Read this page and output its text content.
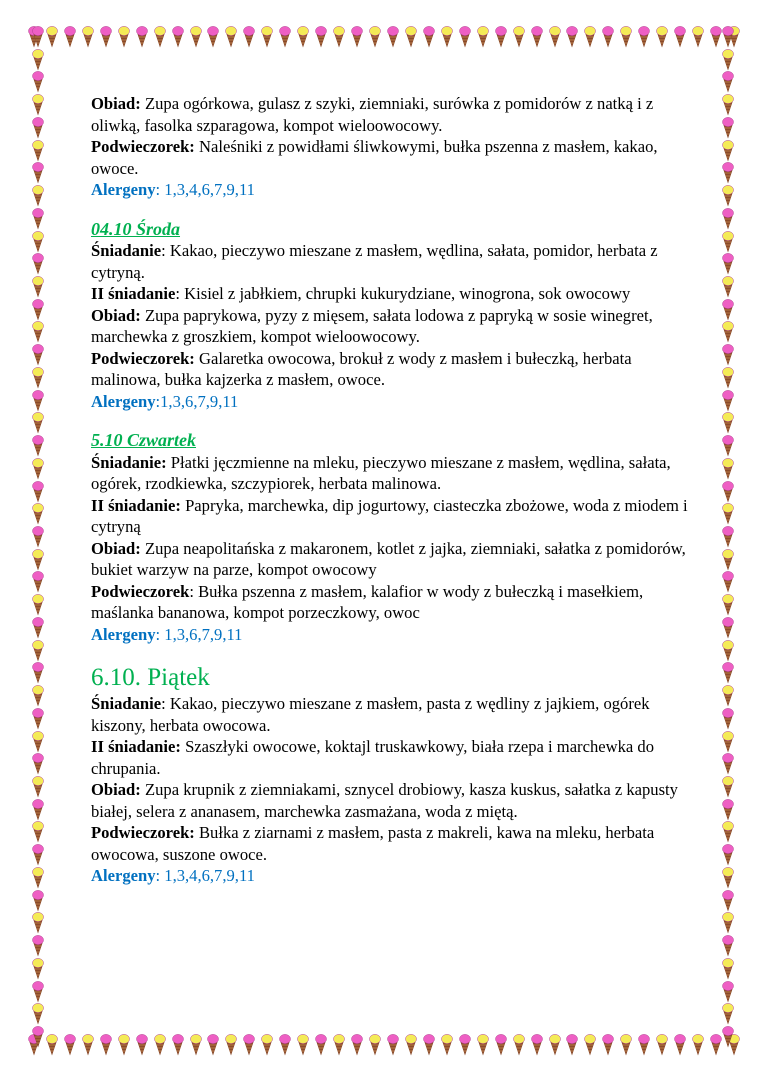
Obiad: Zupa ogórkowa, gulasz z szyki, ziemniaki, surówka z pomidorów z natką i z oliwką, fasolka szparagowa, kompot wieloowocowy.

Podwieczorek: Naleśniki z powidłami śliwkowymi, bułka pszenna z masłem, kakao, owoce.

Alergeny: 1,3,4,6,7,9,11

04.10 Środa

Śniadanie: Kakao, pieczywo mieszane z masłem, wędlina, sałata, pomidor, herbata z cytryną.

II śniadanie: Kisiel z jabłkiem, chrupki kukurydziane, winogrona, sok owocowy

Obiad: Zupa paprykowa, pyzy z mięsem, sałata lodowa z papryką w sosie winegret, marchewka z groszkiem, kompot wieloowocowy.

Podwieczorek: Galaretka owocowa, brokuł z wody z masłem i bułeczką, herbata malinowa, bułka kajzerka z masłem, owoce.

Alergeny:1,3,6,7,9,11

5.10 Czwartek

Śniadanie: Płatki jęczmienne na mleku, pieczywo mieszane z masłem, wędlina, sałata, ogórek, rzodkiewka, szczypiorek, herbata malinowa.

II śniadanie: Papryka, marchewka, dip jogurtowy, ciasteczka zbożowe, woda z miodem i cytryną

Obiad: Zupa neapolitańska z makaronem, kotlet z jajka, ziemniaki, sałatka z pomidorów, bukiet warzyw na parze, kompot owocowy

Podwieczorek: Bułka pszenna z masłem, kalafior w wody z bułeczką i masełkiem, maślanka bananowa, kompot porzeczkowy, owoc

Alergeny: 1,3,6,7,9,11

6.10. Piątek

Śniadanie: Kakao, pieczywo mieszane z masłem, pasta z wędliny z jajkiem, ogórek kiszony, herbata owocowa.

II śniadanie: Szaszłyki owocowe, koktajl truskawkowy, biała rzepa i marchewka do chrupania.

Obiad: Zupa krupnik z ziemniakami, sznycel drobiowy, kasza kuskus, sałatka z kapusty białej, selera z ananasem, marchewka zasmażana, woda z miętą.

Podwieczorek: Bułka z ziarnami z masłem, pasta z makreli, kawa na mleku, herbata owocowa, suszone owoce.

Alergeny: 1,3,4,6,7,9,11
